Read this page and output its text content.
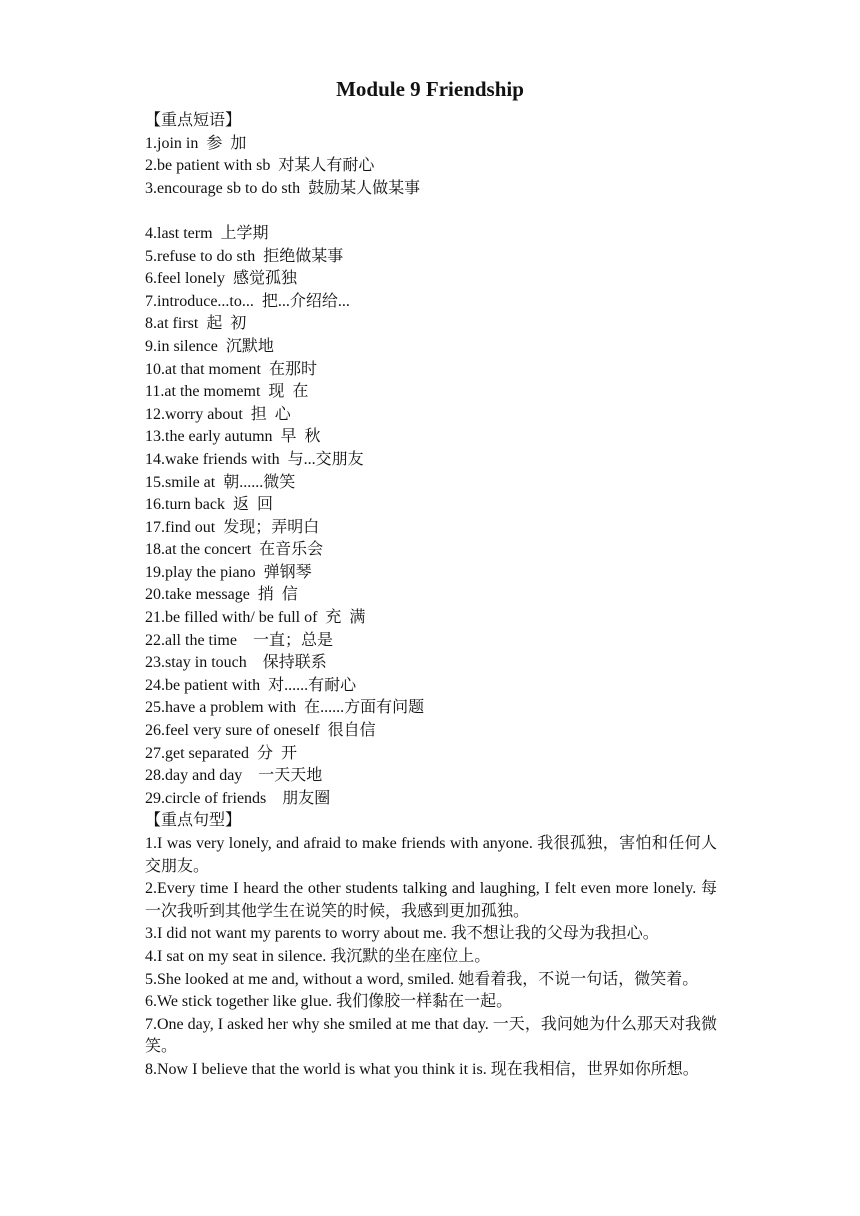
Module 9 Friendship
【重点短语】
1.join in  参  加
2.be patient with sb  对某人有耐心
3.encourage sb to do sth  鼓励某人做某事
4.last term  上学期
5.refuse to do sth  拒绝做某事
6.feel lonely  感觉孤独
7.introduce...to...  把...介绍给...
8.at first  起  初
9.in silence  沉默地
10.at that moment  在那时
11.at the momemt  现  在
12.worry about  担  心
13.the early autumn  早  秋
14.wake friends with  与...交朋友
15.smile at  朝......微笑
16.turn back  返  回
17.find out  发现；弄明白
18.at the concert  在音乐会
19.play the piano  弹钢琴
20.take message  捎  信
21.be filled with/ be full of  充  满
22.all the time    一直；总是
23.stay in touch    保持联系
24.be patient with  对......有耐心
25.have a problem with  在......方面有问题
26.feel very sure of oneself  很自信
27.get separated  分  开
28.day and day    一天天地
29.circle of friends    朋友圈
【重点句型】
1.I was very lonely, and afraid to make friends with anyone. 我很孤独，害怕和任何人交朋友。
2.Every time I heard the other students talking and laughing, I felt even more lonely. 每一次我听到其他学生在说笑的时候，我感到更加孤独。
3.I did not want my parents to worry about me. 我不想让我的父母为我担心。
4.I sat on my seat in silence. 我沉默的坐在座位上。
5.She looked at me and, without a word, smiled. 她看着我，不说一句话，微笑着。
6.We stick together like glue. 我们像胶一样黏在一起。
7.One day, I asked her why she smiled at me that day. 一天，我问她为什么那天对我微笑。
8.Now I believe that the world is what you think it is. 现在我相信，世界如你所想。
